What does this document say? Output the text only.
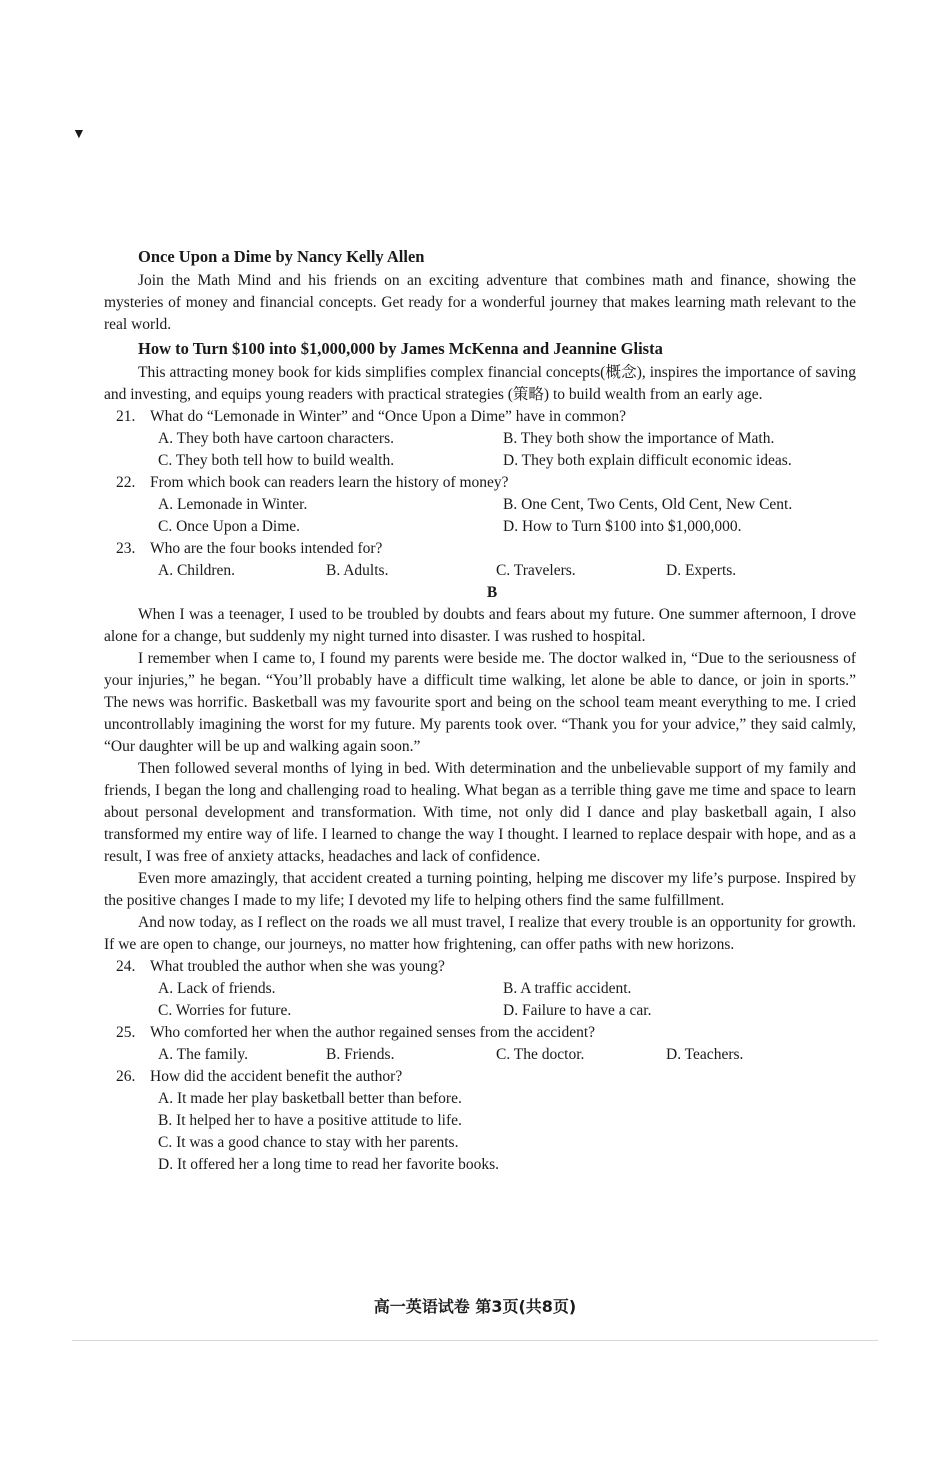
▼
Once Upon a Dime by Nancy Kelly Allen

Join the Math Mind and his friends on an exciting adventure that combines math and finance, showing the mysteries of money and financial concepts. Get ready for a wonderful journey that makes learning math relevant to the real world.

How to Turn $100 into $1,000,000 by James McKenna and Jeannine Glista

This attracting money book for kids simplifies complex financial concepts(概念), inspires the importance of saving and investing, and equips young readers with practical strategies (策略) to build wealth from an early age.

21. What do “Lemonade in Winter” and “Once Upon a Dime” have in common?

A. They both have cartoon characters.	B. They both show the importance of Math.
C. They both tell how to build wealth.	D. They both explain difficult economic ideas.

22. From which book can readers learn the history of money?

A. Lemonade in Winter.	B. One Cent, Two Cents, Old Cent, New Cent.
C. Once Upon a Dime.	D. How to Turn $100 into $1,000,000.

23. Who are the four books intended for?

A. Children.	B. Adults.	C. Travelers.	D. Experts.

B

When I was a teenager, I used to be troubled by doubts and fears about my future. One summer afternoon, I drove alone for a change, but suddenly my night turned into disaster. I was rushed to hospital.

I remember when I came to, I found my parents were beside me. The doctor walked in, “Due to the seriousness of your injuries,” he began. “You’ll probably have a difficult time walking, let alone be able to dance, or join in sports.” The news was horrific. Basketball was my favourite sport and being on the school team meant everything to me. I cried uncontrollably imagining the worst for my future. My parents took over. “Thank you for your advice,” they said calmly, “Our daughter will be up and walking again soon.”

Then followed several months of lying in bed. With determination and the unbelievable support of my family and friends, I began the long and challenging road to healing. What began as a terrible thing gave me time and space to learn about personal development and transformation. With time, not only did I dance and play basketball again, I also transformed my entire way of life. I learned to change the way I thought. I learned to replace despair with hope, and as a result, I was free of anxiety attacks, headaches and lack of confidence.

Even more amazingly, that accident created a turning pointing, helping me discover my life’s purpose. Inspired by the positive changes I made to my life; I devoted my life to helping others find the same fulfillment.

And now today, as I reflect on the roads we all must travel, I realize that every trouble is an opportunity for growth. If we are open to change, our journeys, no matter how frightening, can offer paths with new horizons.

24. What troubled the author when she was young?

A. Lack of friends.	B. A traffic accident.
C. Worries for future.	D. Failure to have a car.

25. Who comforted her when the author regained senses from the accident?

A. The family.	B. Friends.	C. The doctor.	D. Teachers.

26. How did the accident benefit the author?

A. It made her play basketball better than before.
B. It helped her to have a positive attitude to life.
C. It was a good chance to stay with her parents.
D. It offered her a long time to read her favorite books.
高一英语试卷 第3页(共8页)
